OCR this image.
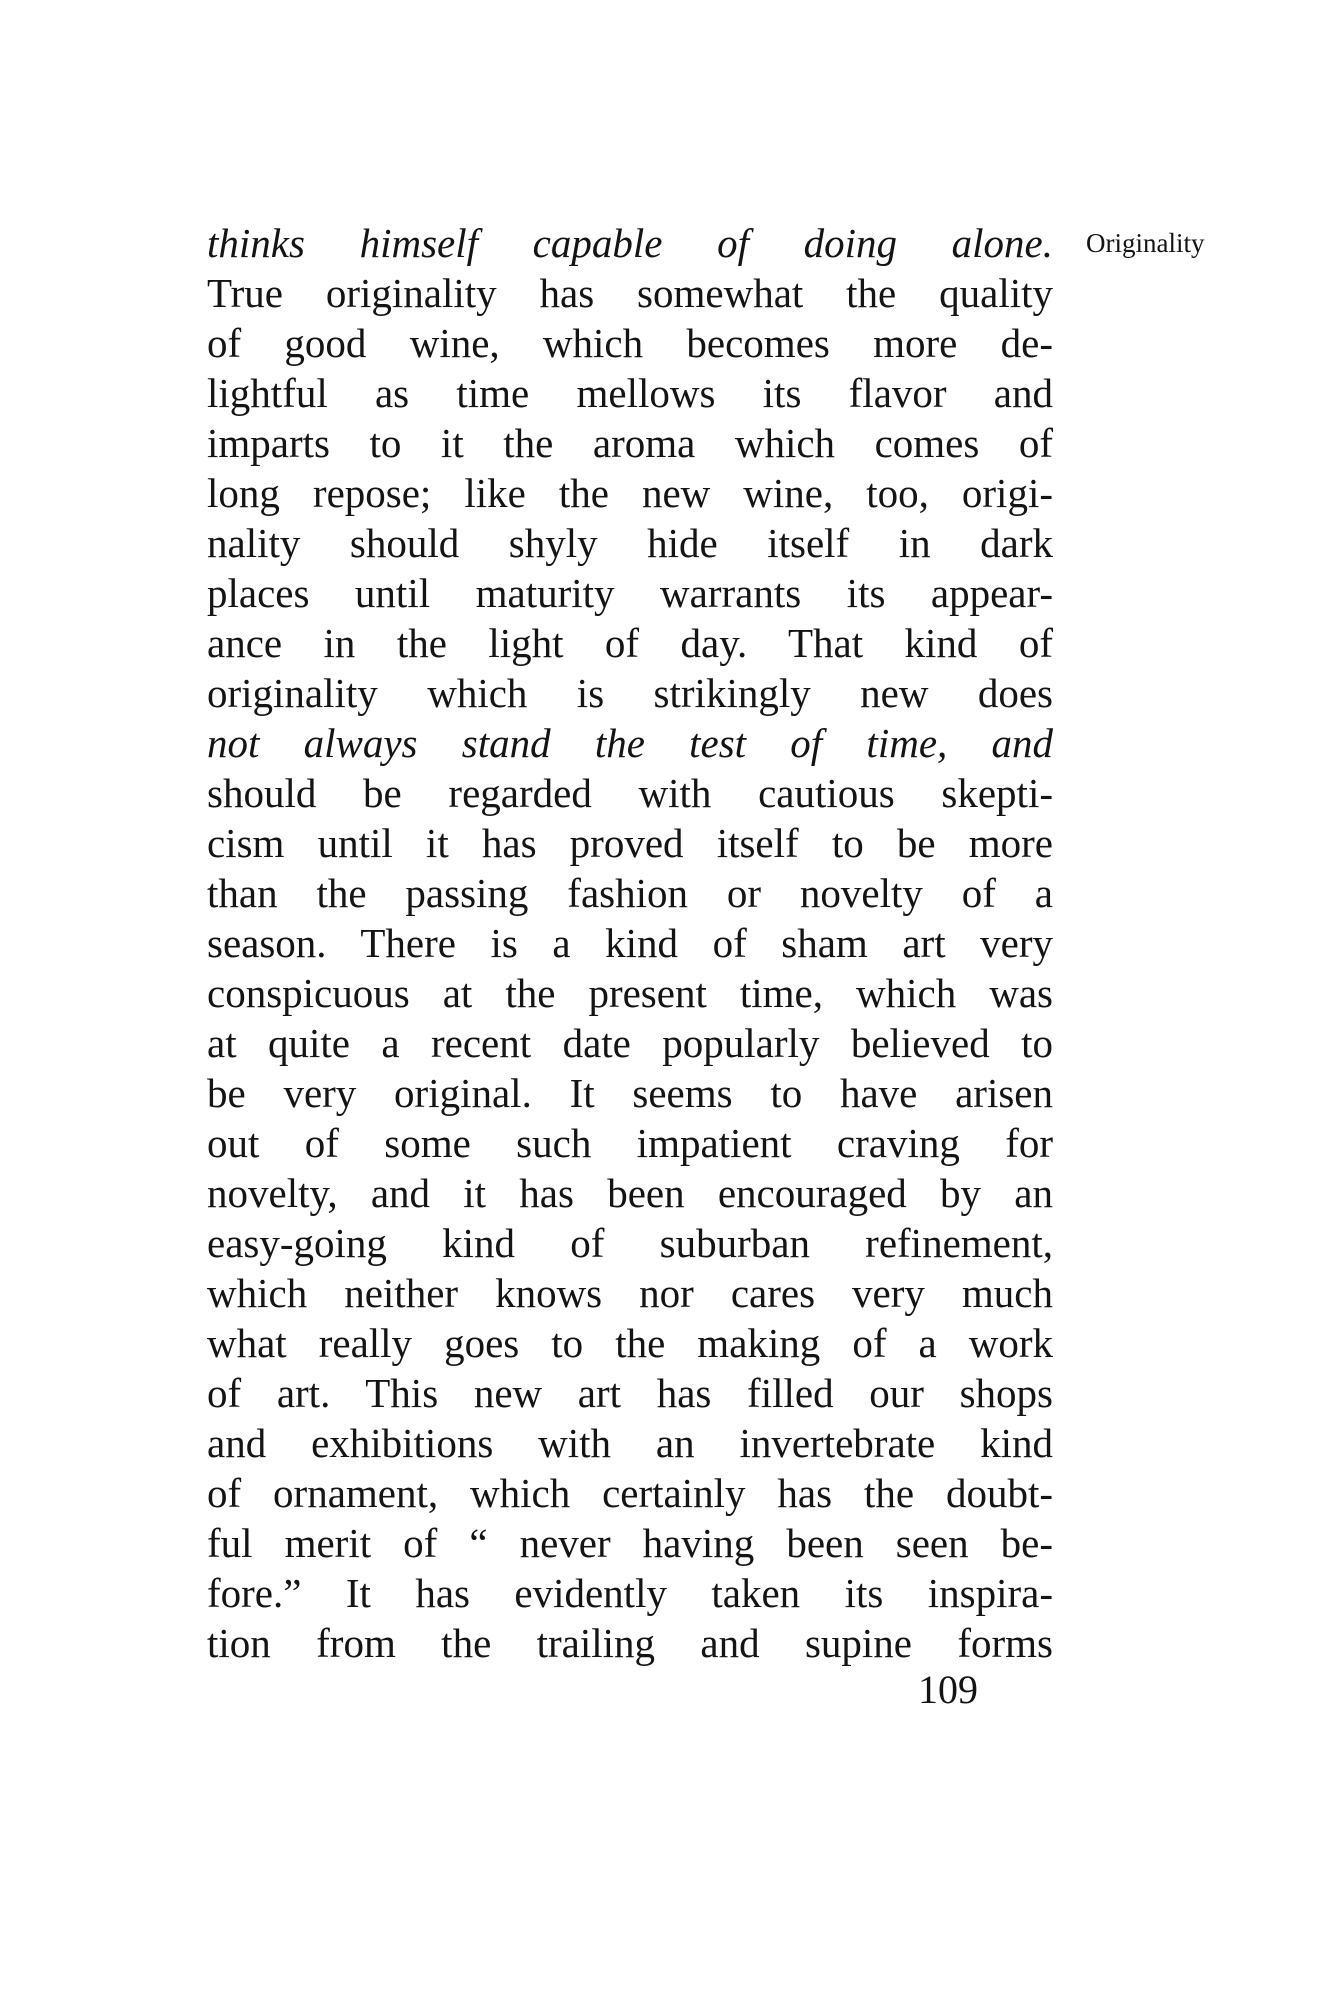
Originality
thinks himself capable of doing alone.
True originality has somewhat the quality
of good wine, which becomes more de-
lightful as time mellows its flavor and
imparts to it the aroma which comes of
long repose; like the new wine, too, origi-
nality should shyly hide itself in dark
places until maturity warrants its appear-
ance in the light of day. That kind of
originality which is strikingly new does
not always stand the test of time, and
should be regarded with cautious skepti-
cism until it has proved itself to be more
than the passing fashion or novelty of a
season. There is a kind of sham art very
conspicuous at the present time, which was
at quite a recent date popularly believed to
be very original. It seems to have arisen
out of some such impatient craving for
novelty, and it has been encouraged by an
easy-going kind of suburban refinement,
which neither knows nor cares very much
what really goes to the making of a work
of art. This new art has filled our shops
and exhibitions with an invertebrate kind
of ornament, which certainly has the doubt-
ful merit of “ never having been seen be-
fore.” It has evidently taken its inspira-
tion from the trailing and supine forms
109
